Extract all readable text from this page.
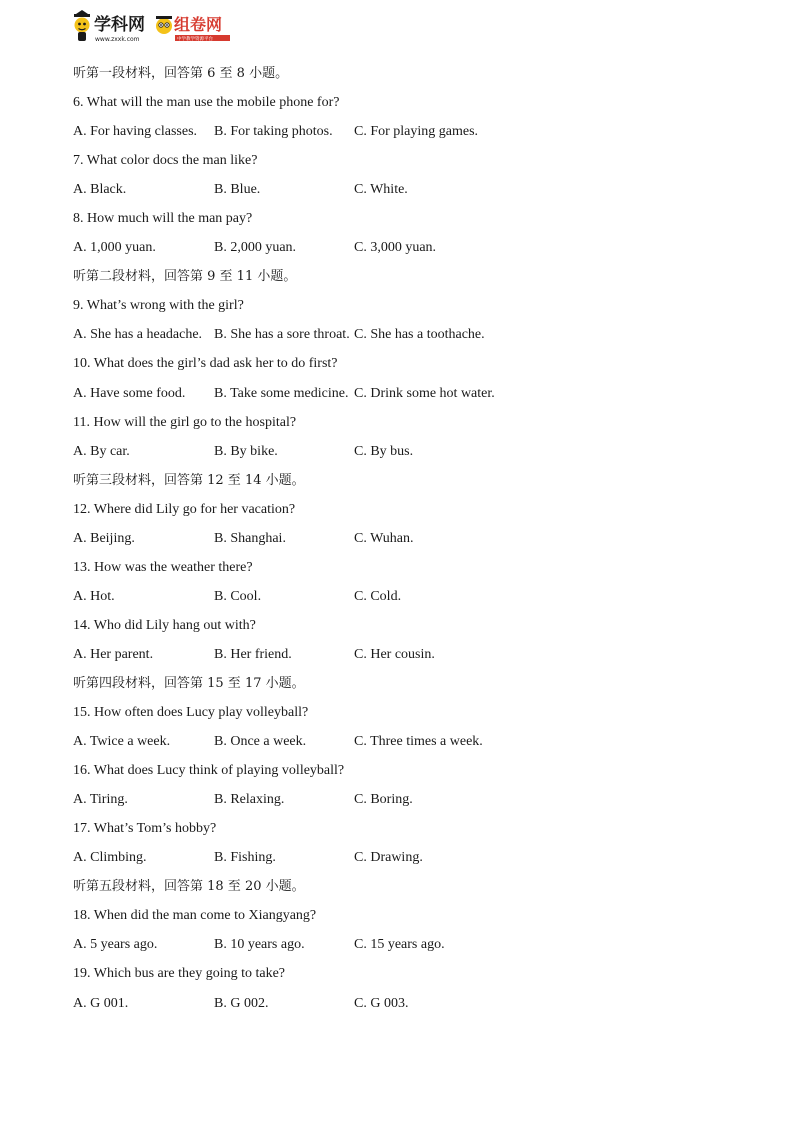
学科网
www.zxxk.com
组卷网
中学教学资源平台
听第一段材料，回答第 6 至 8 小题。
6. What will the man use the mobile phone for?
A. For having classes. B. For taking photos. C. For playing games.
7. What color docs the man like?
A. Black.	B. Blue.	C. White.
8. How much will the man pay?
A. 1,000 yuan.	B. 2,000 yuan.	C. 3,000 yuan.
听第二段材料，回答第 9 至 11 小题。
9. What’s wrong with the girl?
A. She has a headache. B. She has a sore throat. C. She has a toothache.
10. What does the girl’s dad ask her to do first?
A. Have some food. B. Take some medicine. C. Drink some hot water.
11. How will the girl go to the hospital?
A. By car.	B. By bike.	C. By bus.
听第三段材料，回答第 12 至 14 小题。
12. Where did Lily go for her vacation?
A. Beijing.	B. Shanghai.	C. Wuhan.
13. How was the weather there?
A. Hot.	B. Cool.	C. Cold.
14. Who did Lily hang out with?
A. Her parent.	B. Her friend.	C. Her cousin.
听第四段材料，回答第 15 至 17 小题。
15. How often does Lucy play volleyball?
A. Twice a week.	B. Once a week.	C. Three times a week.
16. What does Lucy think of playing volleyball?
A. Tiring.	B. Relaxing.	C. Boring.
17. What’s Tom’s hobby?
A. Climbing.	B. Fishing.	C. Drawing.
听第五段材料，回答第 18 至 20 小题。
18. When did the man come to Xiangyang?
A. 5 years ago.	B. 10 years ago.	C. 15 years ago.
19. Which bus are they going to take?
A. G 001.	B. G 002.	C. G 003.
